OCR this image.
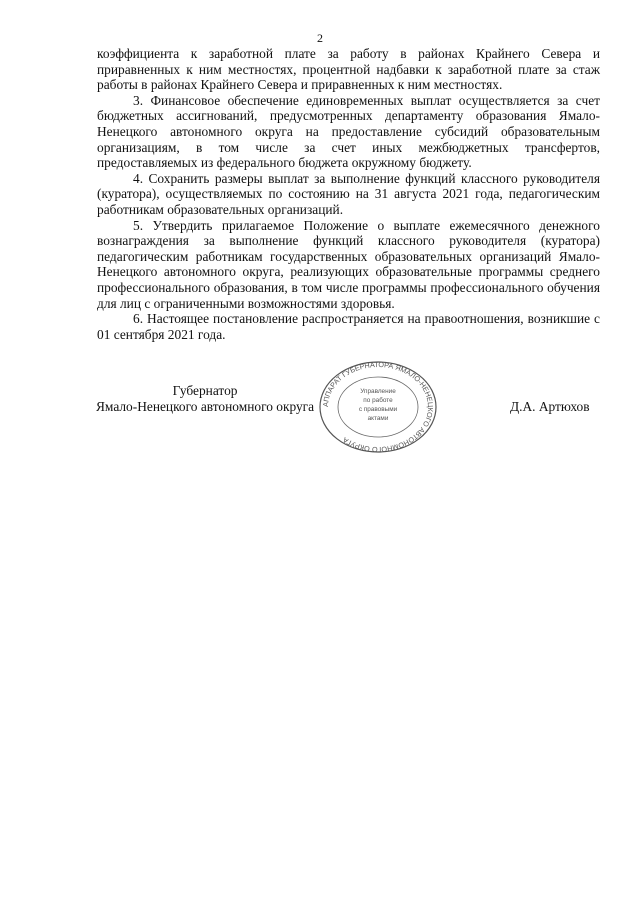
2

коэффициента к заработной плате за работу в районах Крайнего Севера и приравненных к ним местностях, процентной надбавки к заработной плате за стаж работы в районах Крайнего Севера и приравненных к ним местностях.

3. Финансовое обеспечение единовременных выплат осуществляется за счет бюджетных ассигнований, предусмотренных департаменту образования Ямало-Ненецкого автономного округа на предоставление субсидий образовательным организациям, в том числе за счет иных межбюджетных трансфертов, предоставляемых из федерального бюджета окружному бюджету.

4. Сохранить размеры выплат за выполнение функций классного руководителя (куратора), осуществляемых по состоянию на 31 августа 2021 года, педагогическим работникам образовательных организаций.

5. Утвердить прилагаемое Положение о выплате ежемесячного денежного вознаграждения за выполнение функций классного руководителя (куратора) педагогическим работникам государственных образовательных организаций Ямало-Ненецкого автономного округа, реализующих образовательные программы среднего профессионального образования, в том числе программы профессионального обучения для лиц с ограниченными возможностями здоровья.

6. Настоящее постановление распространяется на правоотношения, возникшие с 01 сентября 2021 года.

Губернатор
Ямало-Ненецкого автономного округа АППАРАТ ГУБЕРНАТОРА ЯМАЛО-НЕНЕЦКОГО АВТОНОМНОГО ОКРУГА
Управление
по работе
с правовыми
актами
Д.А. Артюхов
